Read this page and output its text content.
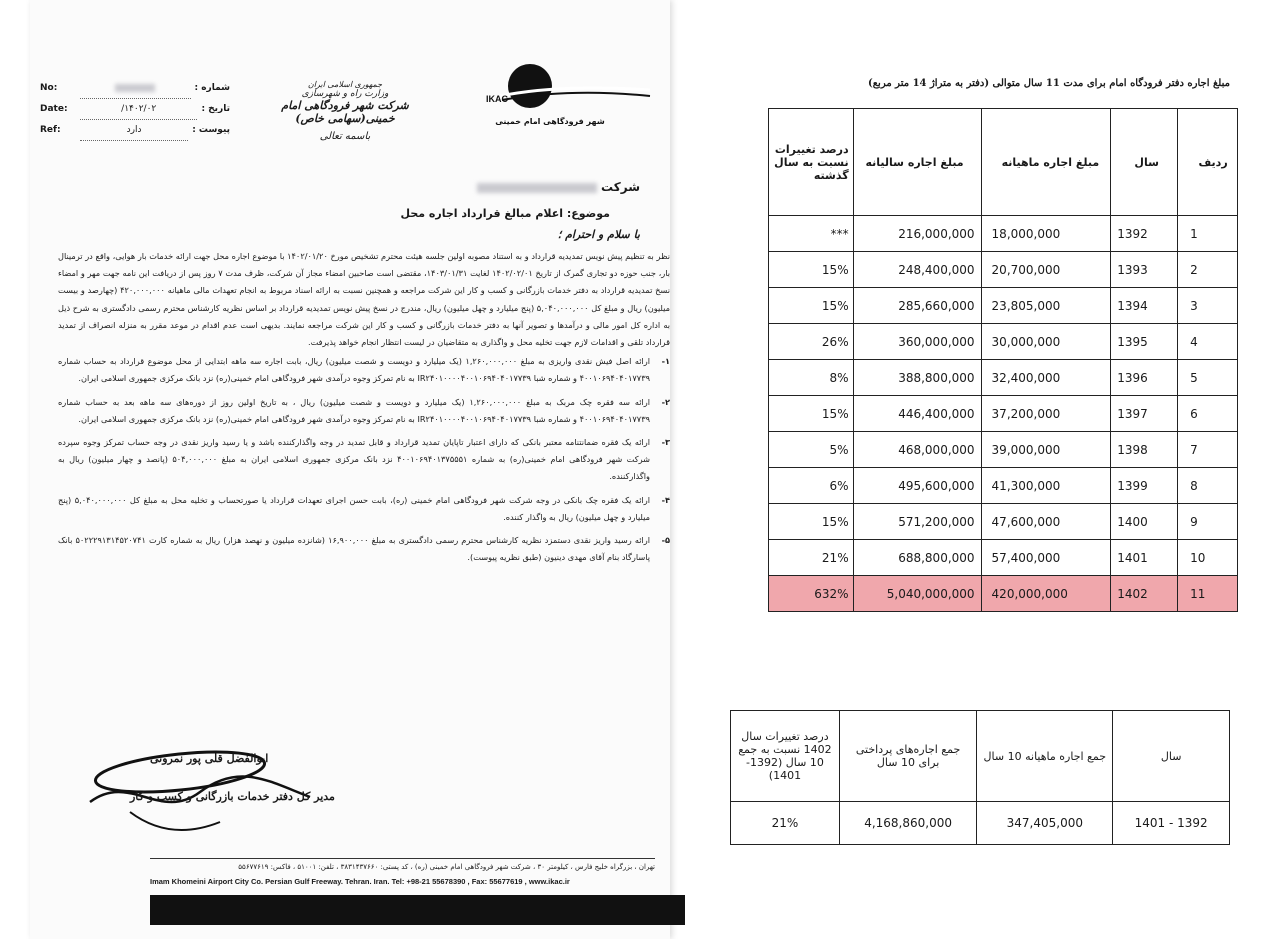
No:	شماره :
Date:	۱۴۰۲/۰۲/	تاریخ :
Ref:	دارد	پیوست :
جمهوری اسلامی ایران
وزارت راه و شهرسازی
شرکت شهر فرودگاهی امام خمینی(سهامی خاص)
باسمه تعالی
IKAC
شهر فرودگاهی امام خمینی
شرکت
موضوع: اعلام مبالغ قرارداد اجاره محل
با سلام و احترام ؛

نظر به تنظیم پیش نویس تمدیدیه قرارداد و به استناد مصوبه اولین جلسه هیئت محترم تشخیص مورخ ۱۴۰۲/۰۱/۲۰ با موضوع اجاره محل جهت ارائه خدمات بار هوایی، واقع در ترمینال بار، جنب حوزه دو تجاری گمرک از تاریخ ۱۴۰۲/۰۲/۰۱ لغایت ۱۴۰۳/۰۱/۳۱، مقتضی است صاحبین امضاء مجاز آن شرکت، ظرف مدت ۷ روز پس از دریافت این نامه جهت مهر و امضاء نسخ تمدیدیه قرارداد به دفتر خدمات بازرگانی و کسب و کار این شرکت مراجعه و همچنین نسبت به ارائه اسناد مربوط به انجام تعهدات مالی ماهیانه ۴۲۰,۰۰۰,۰۰۰ (چهارصد و بیست میلیون) ریال و مبلغ کل ۵,۰۴۰,۰۰۰,۰۰۰ (پنج میلیارد و چهل میلیون) ریال، مندرج در نسخ پیش نویس تمدیدیه قرارداد بر اساس نظریه کارشناس محترم رسمی دادگستری به شرح ذیل به اداره کل امور مالی و درآمدها و تصویر آنها به دفتر خدمات بازرگانی و کسب و کار این شرکت مراجعه نمایند. بدیهی است عدم اقدام در موعد مقرر به منزله انصراف از تمدید قرارداد تلقی و اقدامات لازم جهت تخلیه محل و واگذاری به متقاضیان در لیست انتظار انجام خواهد پذیرفت.

۱-
ارائه اصل فیش نقدی واریزی به مبلغ ۱,۲۶۰,۰۰۰,۰۰۰ (یک میلیارد و دویست و شصت میلیون) ریال، بابت اجاره سه ماهه ابتدایی از محل موضوع قرارداد به حساب شماره ۴۰۰۱۰۶۹۴۰۴۰۱۷۷۳۹ و شماره شبا IR۲۴۰۱۰۰۰۰۴۰۰۱۰۶۹۴۰۴۰۱۷۷۳۹ به نام تمرکز وجوه درآمدی شهر فرودگاهی امام خمینی(ره) نزد بانک مرکزی جمهوری اسلامی ایران.
۲-
ارائه سه فقره چک مربک به مبلغ ۱,۲۶۰,۰۰۰,۰۰۰ (یک میلیارد و دویست و شصت میلیون) ریال ، به تاریخ اولین روز از دوره‌های سه ماهه بعد به حساب شماره ۴۰۰۱۰۶۹۴۰۴۰۱۷۷۳۹ و شماره شبا IR۲۴۰۱۰۰۰۰۴۰۰۱۰۶۹۴۰۴۰۱۷۷۳۹ به نام تمرکز وجوه درآمدی شهر فرودگاهی امام خمینی(ره) نزد بانک مرکزی جمهوری اسلامی ایران.
۳-
ارائه یک فقره ضمانتنامه معتبر بانکی که دارای اعتبار تاپایان تمدید قرارداد و قابل تمدید در وجه واگذارکننده باشد و یا رسید واریز نقدی در وجه حساب تمرکز وجوه سپرده شرکت شهر فرودگاهی امام خمینی(ره) به شماره ۴۰۰۱۰۶۹۴۰۱۳۷۵۵۵۱ نزد بانک مرکزی جمهوری اسلامی ایران به مبلغ ۵۰۴,۰۰۰,۰۰۰ (پانصد و چهار میلیون) ریال به واگذارکننده.
۴-
ارائه یک فقره چک بانکی در وجه شرکت شهر فرودگاهی امام خمینی (ره)، بابت حسن اجرای تعهدات قرارداد یا صورتحساب و تخلیه محل به مبلغ کل ۵,۰۴۰,۰۰۰,۰۰۰ (پنج میلیارد و چهل میلیون) ریال به واگذار کننده.
۵-
ارائه رسید واریز نقدی دستمزد نظریه کارشناس محترم رسمی دادگستری به مبلغ ۱۶,۹۰۰,۰۰۰ (شانزده میلیون و نهصد هزار) ریال به شماره کارت ۵۰۲۲۲۹۱۳۱۴۵۲۰۷۴۱ بانک پاسارگاد بنام آقای مهدی دینیون (طبق نظریه پیوست).
ابوالفضل قلی پور نمرونی
مدیر کل دفتر خدمات بازرگانی و کسب و کار
تهران ، بزرگراه خلیج فارس ، کیلومتر ۳۰ ، شرکت شهر فرودگاهی امام خمینی (ره) ، کد پستی: ۳۸۳۱۴۳۷۶۶۰ ، تلفن: ۵۱۰۰۱ ، فاکس: ۵۵۶۷۷۶۱۹
Imam Khomeini Airport City Co. Persian Gulf Freeway. Tehran. Iran. Tel: +98-21 55678390 , Fax: 55677619 , www.ikac.ir
مبلغ اجاره دفتر فرودگاه امام برای مدت 11 سال متوالی (دفتر به متراژ 14 متر مربع)
درصد تغییرات نسبت به سال گذشته	مبلغ اجاره سالیانه	مبلغ اجاره ماهیانه	سال	ردیف
***	216,000,000	18,000,000	1392	1
15%	248,400,000	20,700,000	1393	2
15%	285,660,000	23,805,000	1394	3
26%	360,000,000	30,000,000	1395	4
8%	388,800,000	32,400,000	1396	5
15%	446,400,000	37,200,000	1397	6
5%	468,000,000	39,000,000	1398	7
6%	495,600,000	41,300,000	1399	8
15%	571,200,000	47,600,000	1400	9
21%	688,800,000	57,400,000	1401	10
632%	5,040,000,000	420,000,000	1402	11
درصد تغییرات سال 1402 نسبت به جمع 10 سال (1392- 1401)	جمع اجاره‌های پرداختی برای 10 سال	جمع اجاره ماهیانه 10 سال	سال
21%	4,168,860,000	347,405,000	1392 - 1401
